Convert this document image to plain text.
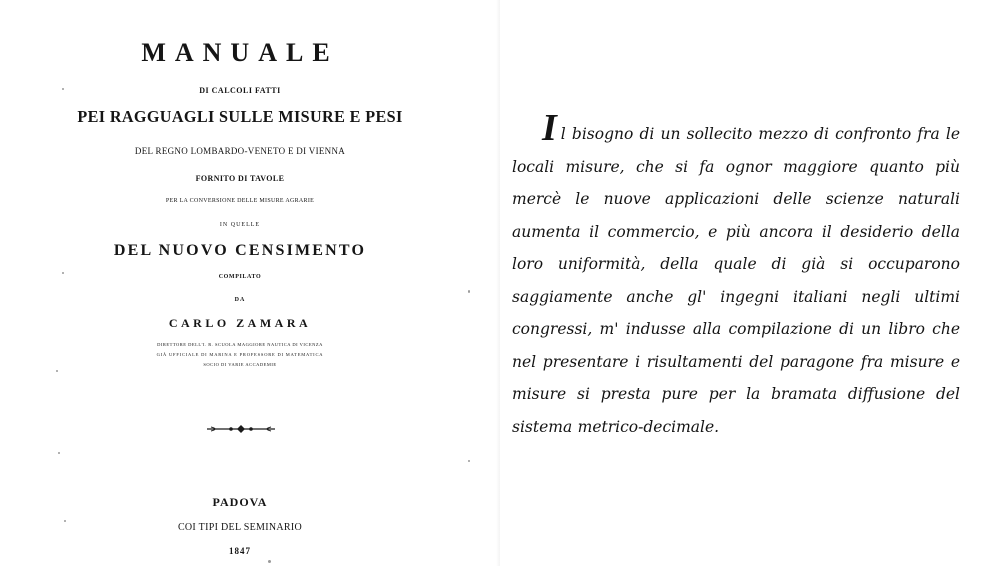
MANUALE
DI CALCOLI FATTI
PEI RAGGUAGLI SULLE MISURE E PESI
DEL REGNO LOMBARDO-VENETO E DI VIENNA
FORNITO DI TAVOLE
PER LA CONVERSIONE DELLE MISURE AGRARIE
IN QUELLE
DEL NUOVO CENSIMENTO
COMPILATO
DA
CARLO ZAMARA
DIRETTORE DELL'I. R. SCUOLA MAGGIORE NAUTICA DI VICENZA
GIÀ UFFICIALE DI MARINA E PROFESSORE DI MATEMATICA
SOCIO DI VARIE ACCADEMIE
PADOVA
COI TIPI DEL SEMINARIO
1847
Il bisogno di un sollecito mezzo di confronto fra le locali misure, che si fa ognor maggiore quanto più mercè le nuove applicazioni delle scienze naturali aumenta il commercio, e più ancora il desiderio della loro uniformità, della quale di già si occuparono saggiamente anche gl' ingegni italiani negli ultimi congressi, m' indusse alla compilazione di un libro che nel presentare i risultamenti del paragone fra misure e misure si presta pure per la bramata diffusione del sistema metrico-decimale.
